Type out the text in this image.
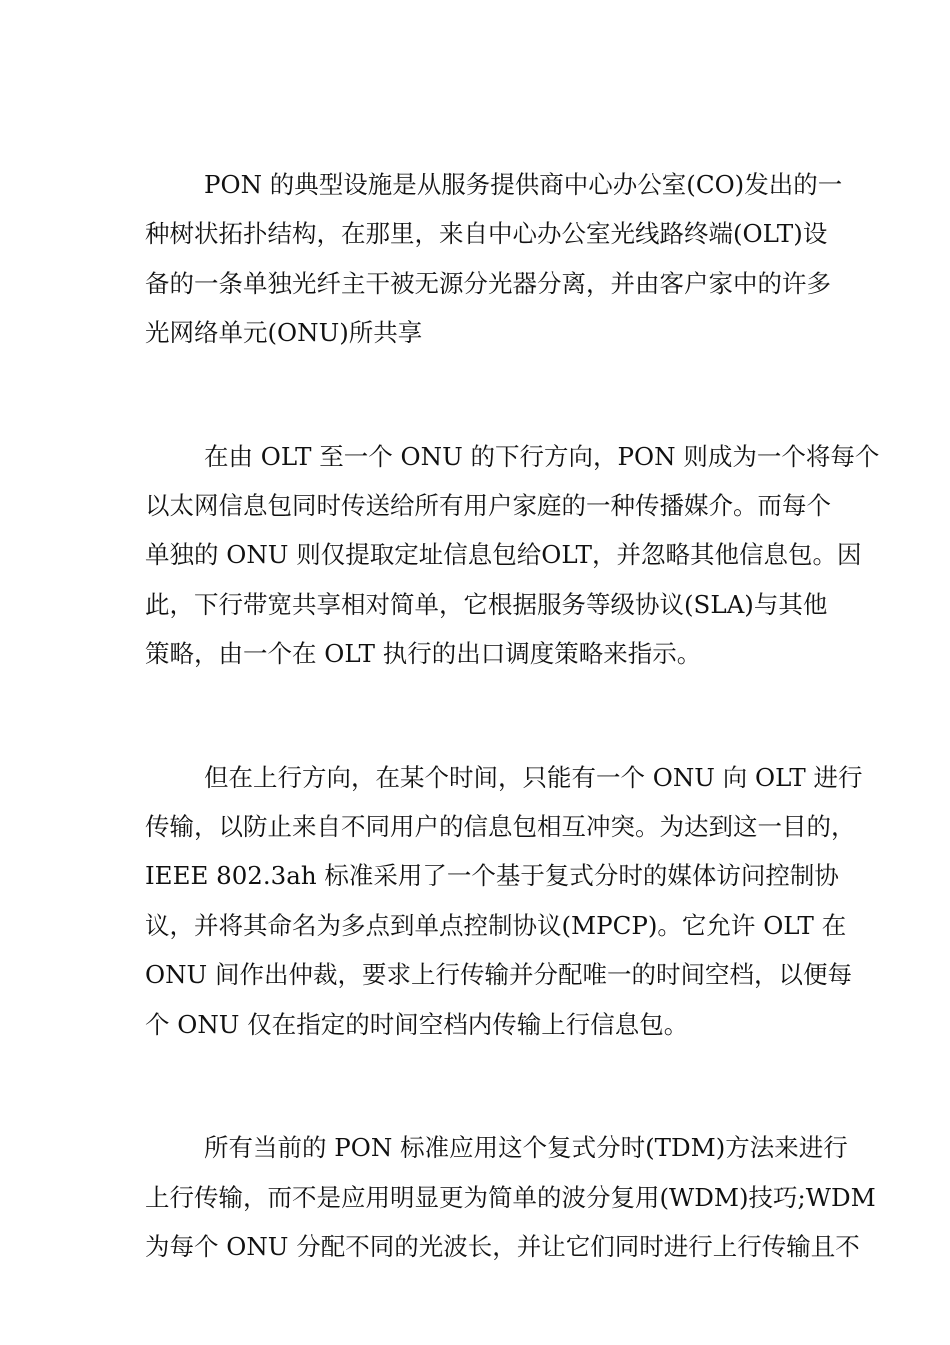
PON 的典型设施是从服务提供商中心办公室(CO)发出的一
种树状拓扑结构，在那里，来自中心办公室光线路终端(OLT)设
备的一条单独光纤主干被无源分光器分离，并由客户家中的许多
光网络单元(ONU)所共享

在由 OLT 至一个 ONU 的下行方向，PON 则成为一个将每个
以太网信息包同时传送给所有用户家庭的一种传播媒介。而每个
单独的 ONU 则仅提取定址信息包给OLT，并忽略其他信息包。因
此，下行带宽共享相对简单，它根据服务等级协议(SLA)与其他
策略，由一个在 OLT 执行的出口调度策略来指示。

但在上行方向，在某个时间，只能有一个 ONU 向 OLT 进行
传输，以防止来自不同用户的信息包相互冲突。为达到这一目的，
IEEE 802.3ah 标准采用了一个基于复式分时的媒体访问控制协
议，并将其命名为多点到单点控制协议(MPCP)。它允许 OLT 在
ONU 间作出仲裁，要求上行传输并分配唯一的时间空档，以便每
个 ONU 仅在指定的时间空档内传输上行信息包。

所有当前的 PON 标准应用这个复式分时(TDM)方法来进行
上行传输，而不是应用明显更为简单的波分复用(WDM)技巧;WDM
为每个 ONU 分配不同的光波长，并让它们同时进行上行传输且不
